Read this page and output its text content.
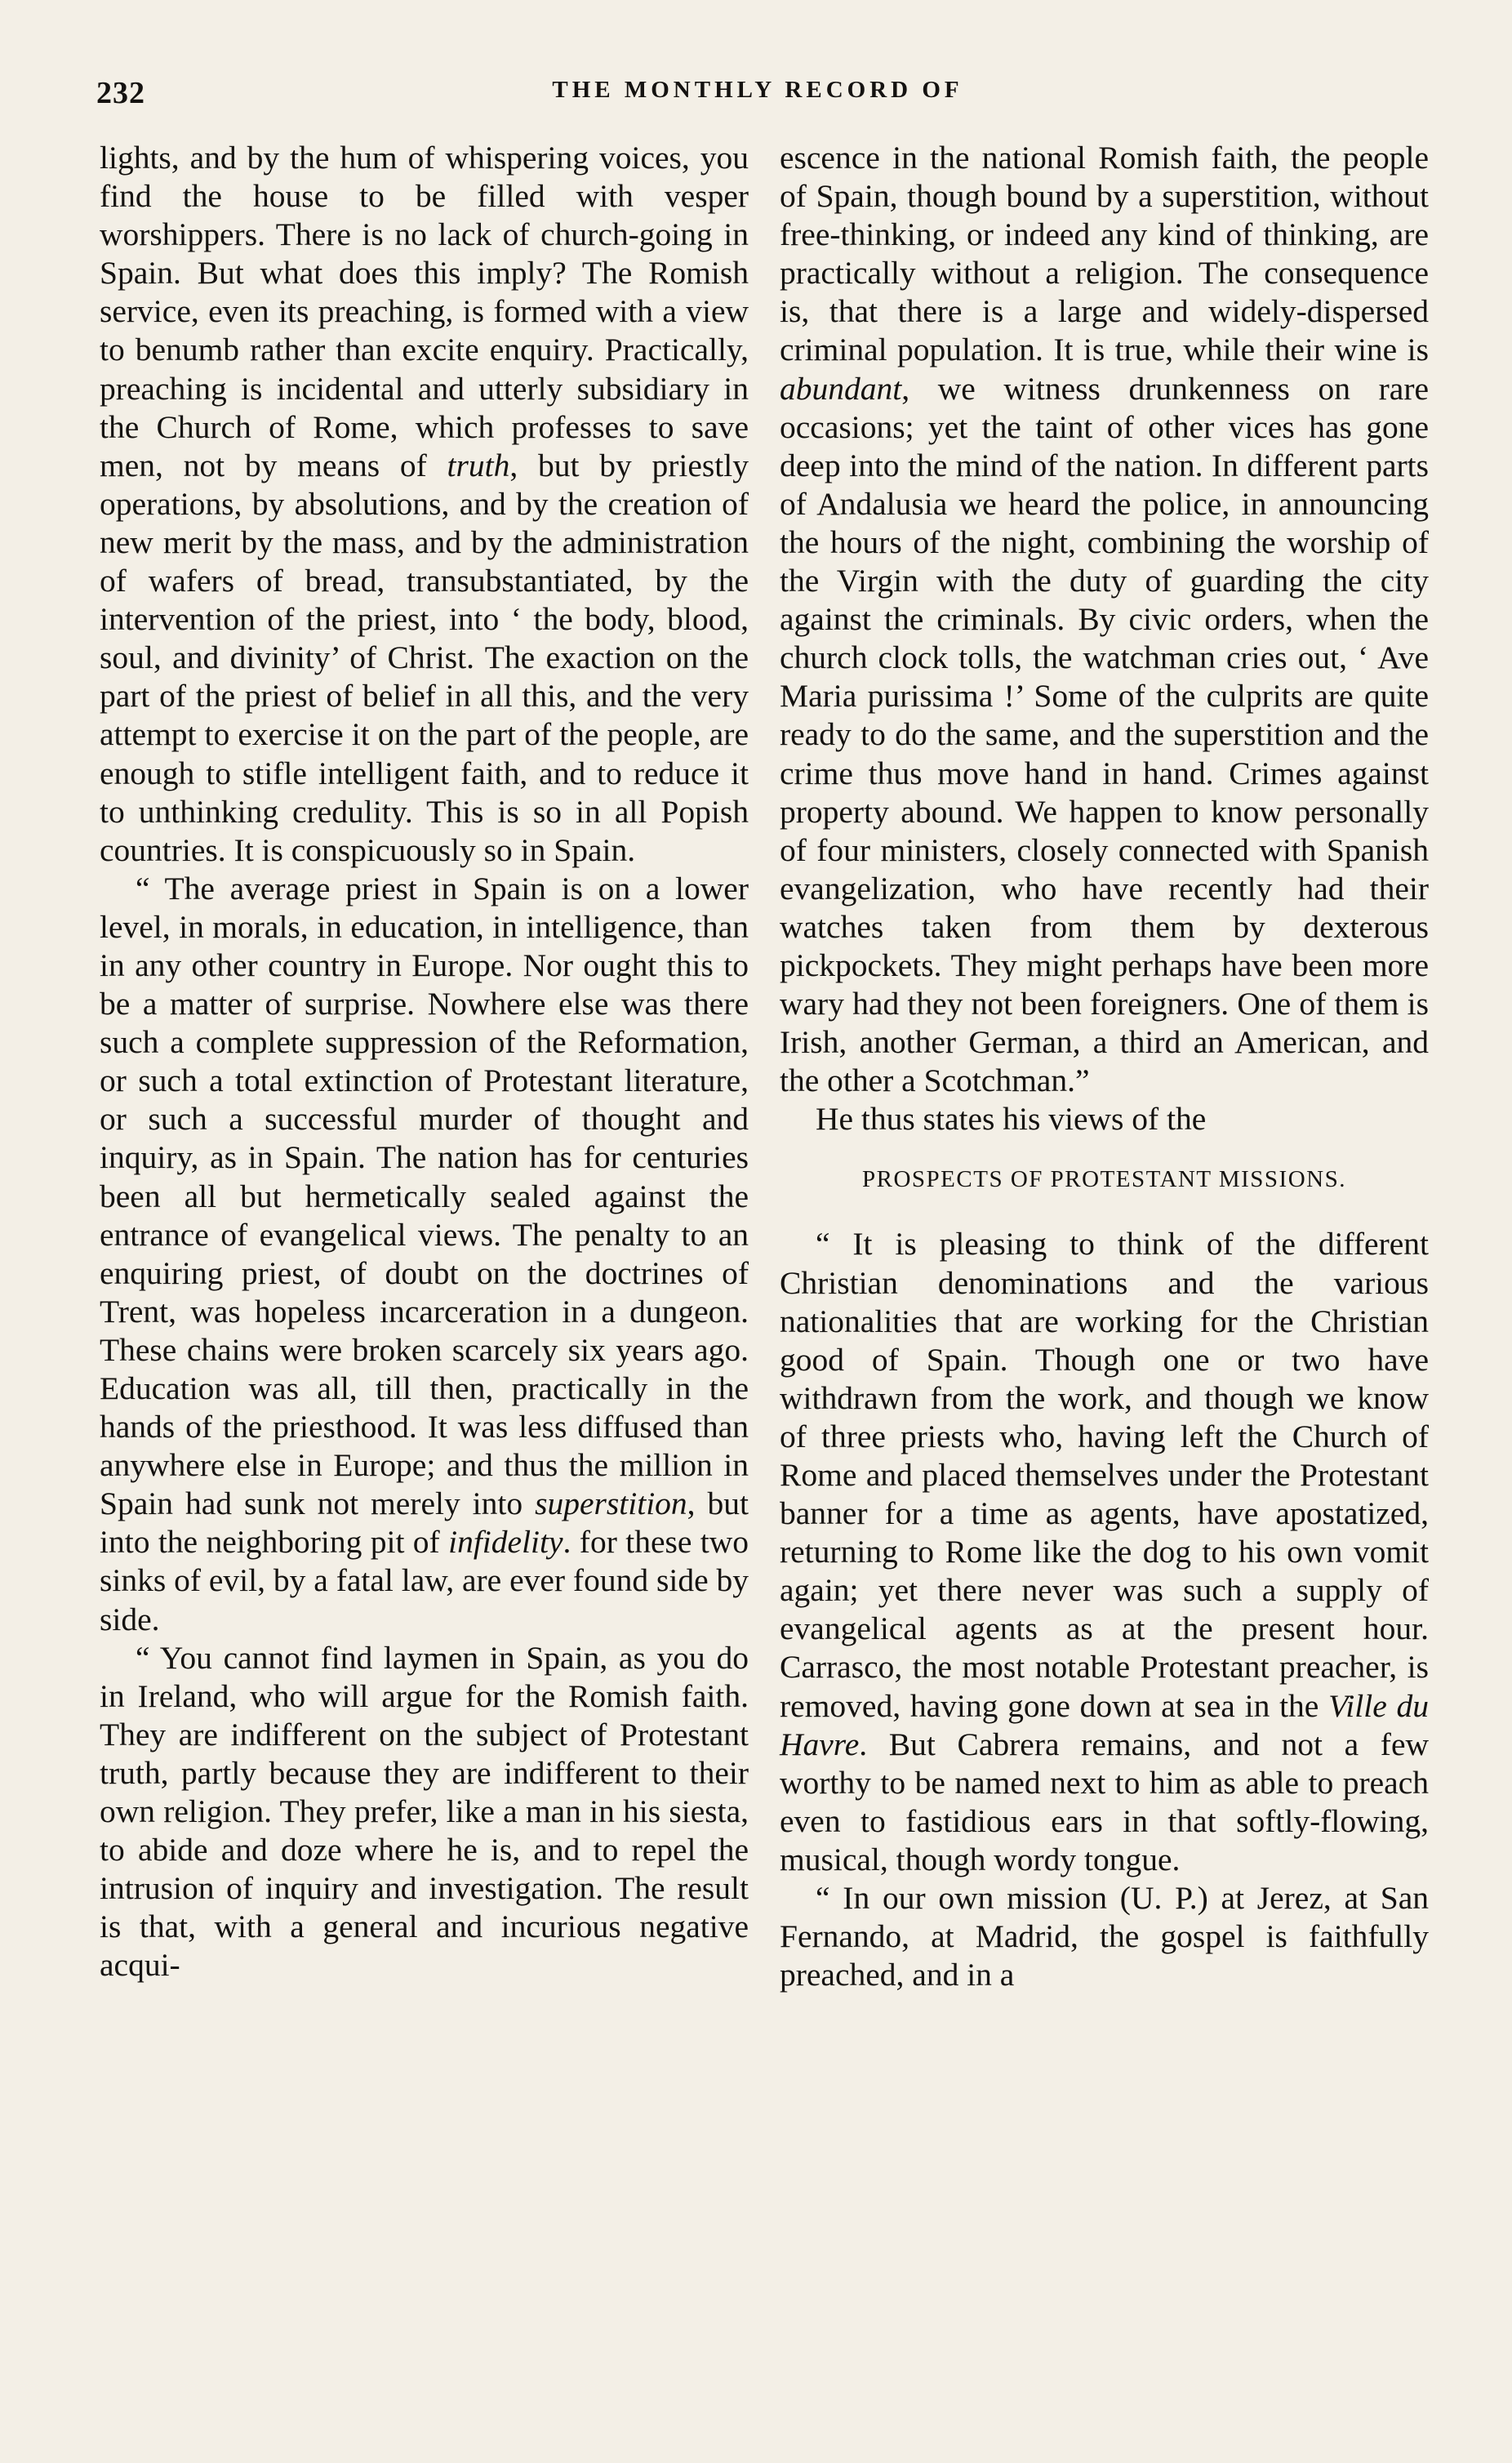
232	THE MONTHLY RECORD OF

lights, and by the hum of whispering voices, you find the house to be filled with vesper worshippers. There is no lack of church-going in Spain. But what does this imply? The Romish service, even its preaching, is formed with a view to benumb rather than excite enquiry. Practically, preaching is incidental and utterly subsidiary in the Church of Rome, which professes to save men, not by means of truth, but by priestly operations, by absolutions, and by the creation of new merit by the mass, and by the administration of wafers of bread, transubstantiated, by the intervention of the priest, into ‘ the body, blood, soul, and divinity’ of Christ. The exaction on the part of the priest of belief in all this, and the very attempt to exercise it on the part of the people, are enough to stifle intelligent faith, and to reduce it to unthinking credulity. This is so in all Popish countries. It is conspicuously so in Spain.

“ The average priest in Spain is on a lower level, in morals, in education, in intelligence, than in any other country in Europe. Nor ought this to be a matter of surprise. Nowhere else was there such a complete suppression of the Reformation, or such a total extinction of Protestant literature, or such a successful murder of thought and inquiry, as in Spain. The nation has for centuries been all but hermetically sealed against the entrance of evangelical views. The penalty to an enquiring priest, of doubt on the doctrines of Trent, was hopeless incarceration in a dungeon. These chains were broken scarcely six years ago. Education was all, till then, practically in the hands of the priesthood. It was less diffused than anywhere else in Europe; and thus the million in Spain had sunk not merely into superstition, but into the neighboring pit of infidelity. for these two sinks of evil, by a fatal law, are ever found side by side.

“ You cannot find laymen in Spain, as you do in Ireland, who will argue for the Romish faith. They are indifferent on the subject of Protestant truth, partly because they are indifferent to their own religion. They prefer, like a man in his siesta, to abide and doze where he is, and to repel the intrusion of inquiry and investigation. The result is that, with a general and incurious negative acqui-

escence in the national Romish faith, the people of Spain, though bound by a superstition, without free-thinking, or indeed any kind of thinking, are practically without a religion. The consequence is, that there is a large and widely-dispersed criminal population. It is true, while their wine is abundant, we witness drunkenness on rare occasions; yet the taint of other vices has gone deep into the mind of the nation. In different parts of Andalusia we heard the police, in announcing the hours of the night, combining the worship of the Virgin with the duty of guarding the city against the criminals. By civic orders, when the church clock tolls, the watchman cries out, ‘ Ave Maria purissima !’ Some of the culprits are quite ready to do the same, and the superstition and the crime thus move hand in hand. Crimes against property abound. We happen to know personally of four ministers, closely connected with Spanish evangelization, who have recently had their watches taken from them by dexterous pickpockets. They might perhaps have been more wary had they not been foreigners. One of them is Irish, another German, a third an American, and the other a Scotchman.”

He thus states his views of the

PROSPECTS OF PROTESTANT MISSIONS.

“ It is pleasing to think of the different Christian denominations and the various nationalities that are working for the Christian good of Spain. Though one or two have withdrawn from the work, and though we know of three priests who, having left the Church of Rome and placed themselves under the Protestant banner for a time as agents, have apostatized, returning to Rome like the dog to his own vomit again; yet there never was such a supply of evangelical agents as at the present hour. Carrasco, the most notable Protestant preacher, is removed, having gone down at sea in the Ville du Havre. But Cabrera remains, and not a few worthy to be named next to him as able to preach even to fastidious ears in that softly-flowing, musical, though wordy tongue.

“ In our own mission (U. P.) at Jerez, at San Fernando, at Madrid, the gospel is faithfully preached, and in a
